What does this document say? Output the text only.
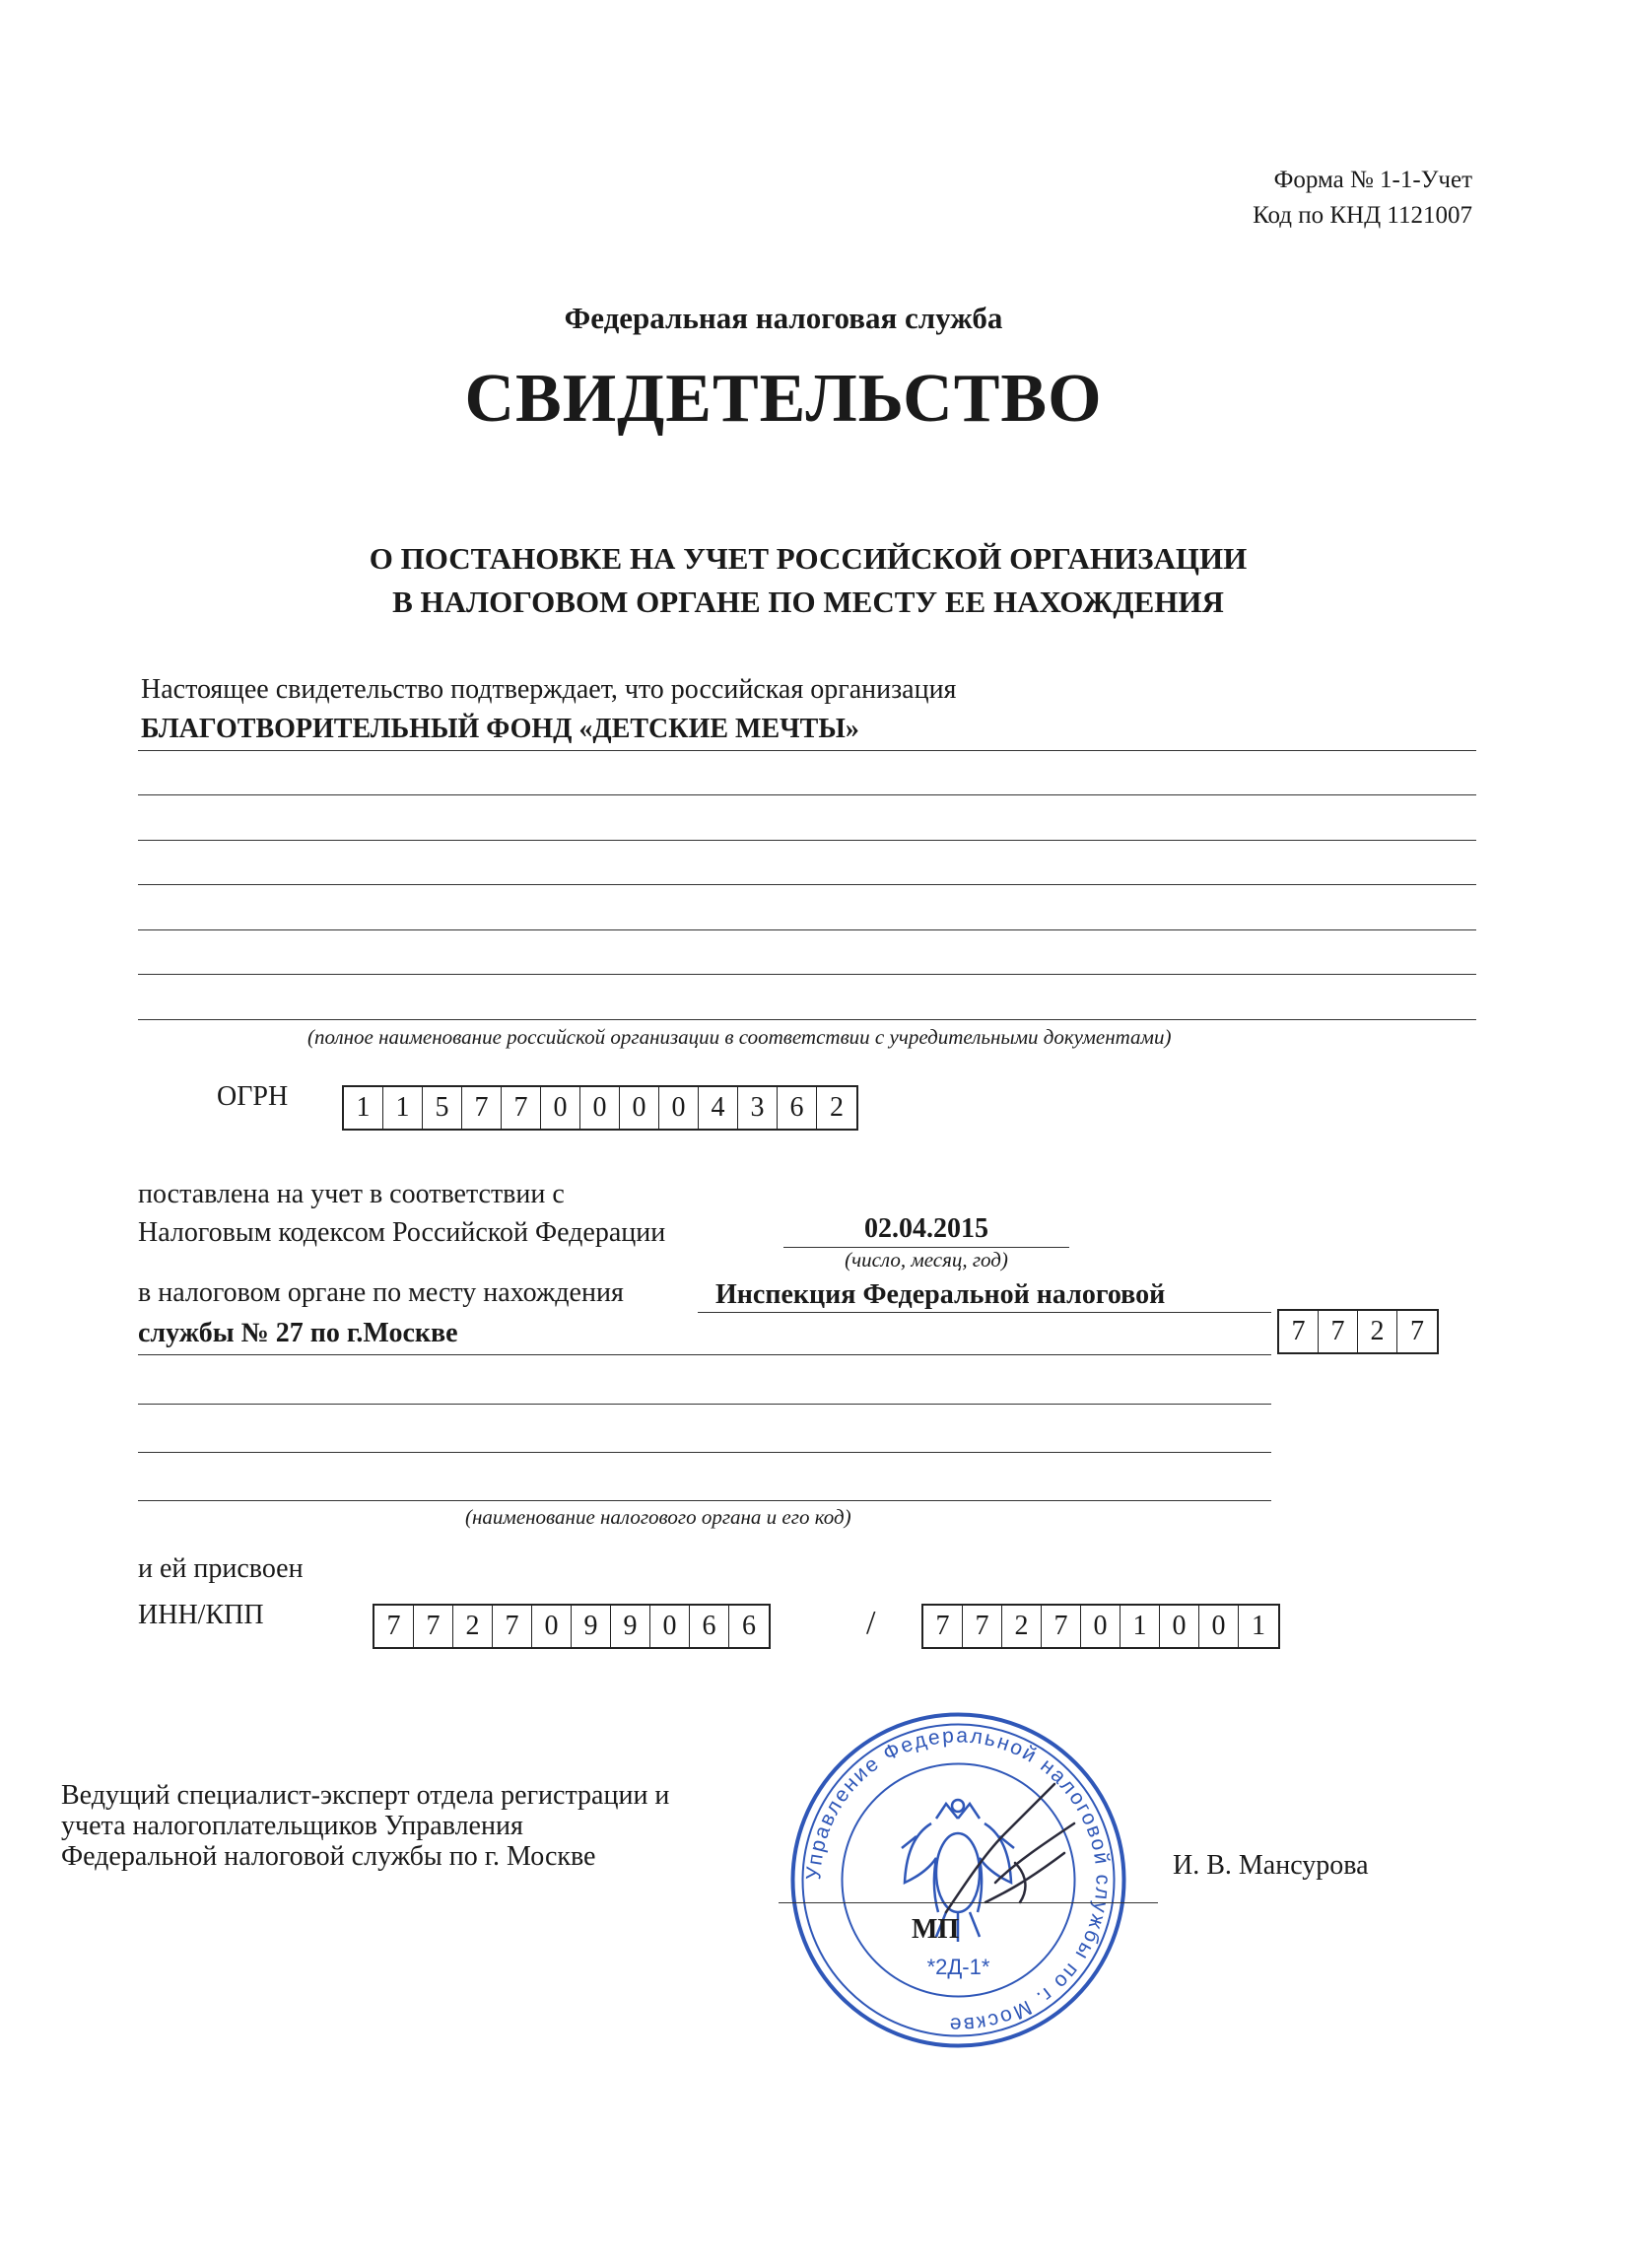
Форма № 1-1-Учет
Код по КНД 1121007
Федеральная налоговая служба
СВИДЕТЕЛЬСТВО
О ПОСТАНОВКЕ НА УЧЕТ РОССИЙСКОЙ ОРГАНИЗАЦИИ
В НАЛОГОВОМ ОРГАНЕ ПО МЕСТУ ЕЕ НАХОЖДЕНИЯ
Настоящее свидетельство подтверждает, что российская организация
БЛАГОТВОРИТЕЛЬНЫЙ ФОНД «ДЕТСКИЕ МЕЧТЫ»
(полное наименование российской организации в соответствии с учредительными документами)
ОГРН	1 1 5 7 7 0 0 0 0 4 3 6 2
поставлена на учет в соответствии с
Налоговым кодексом Российской Федерации	02.04.2015
(число, месяц, год)
в налоговом органе по месту нахождения	Инспекция Федеральной налоговой
службы № 27 по г.Москве	7 7 2 7
(наименование налогового органа и его код)
и ей присвоен
ИНН/КПП	7 7 2 7 0 9 9 0 6 6	/	7 7 2 7 0 1 0 0 1
Ведущий специалист-эксперт отдела регистрации и
учета налогоплательщиков Управления
Федеральной налоговой службы по г. Москве
Управление Федеральной налоговой службы по г. Москве
*2Д-1*
МП
И. В. Мансурова
